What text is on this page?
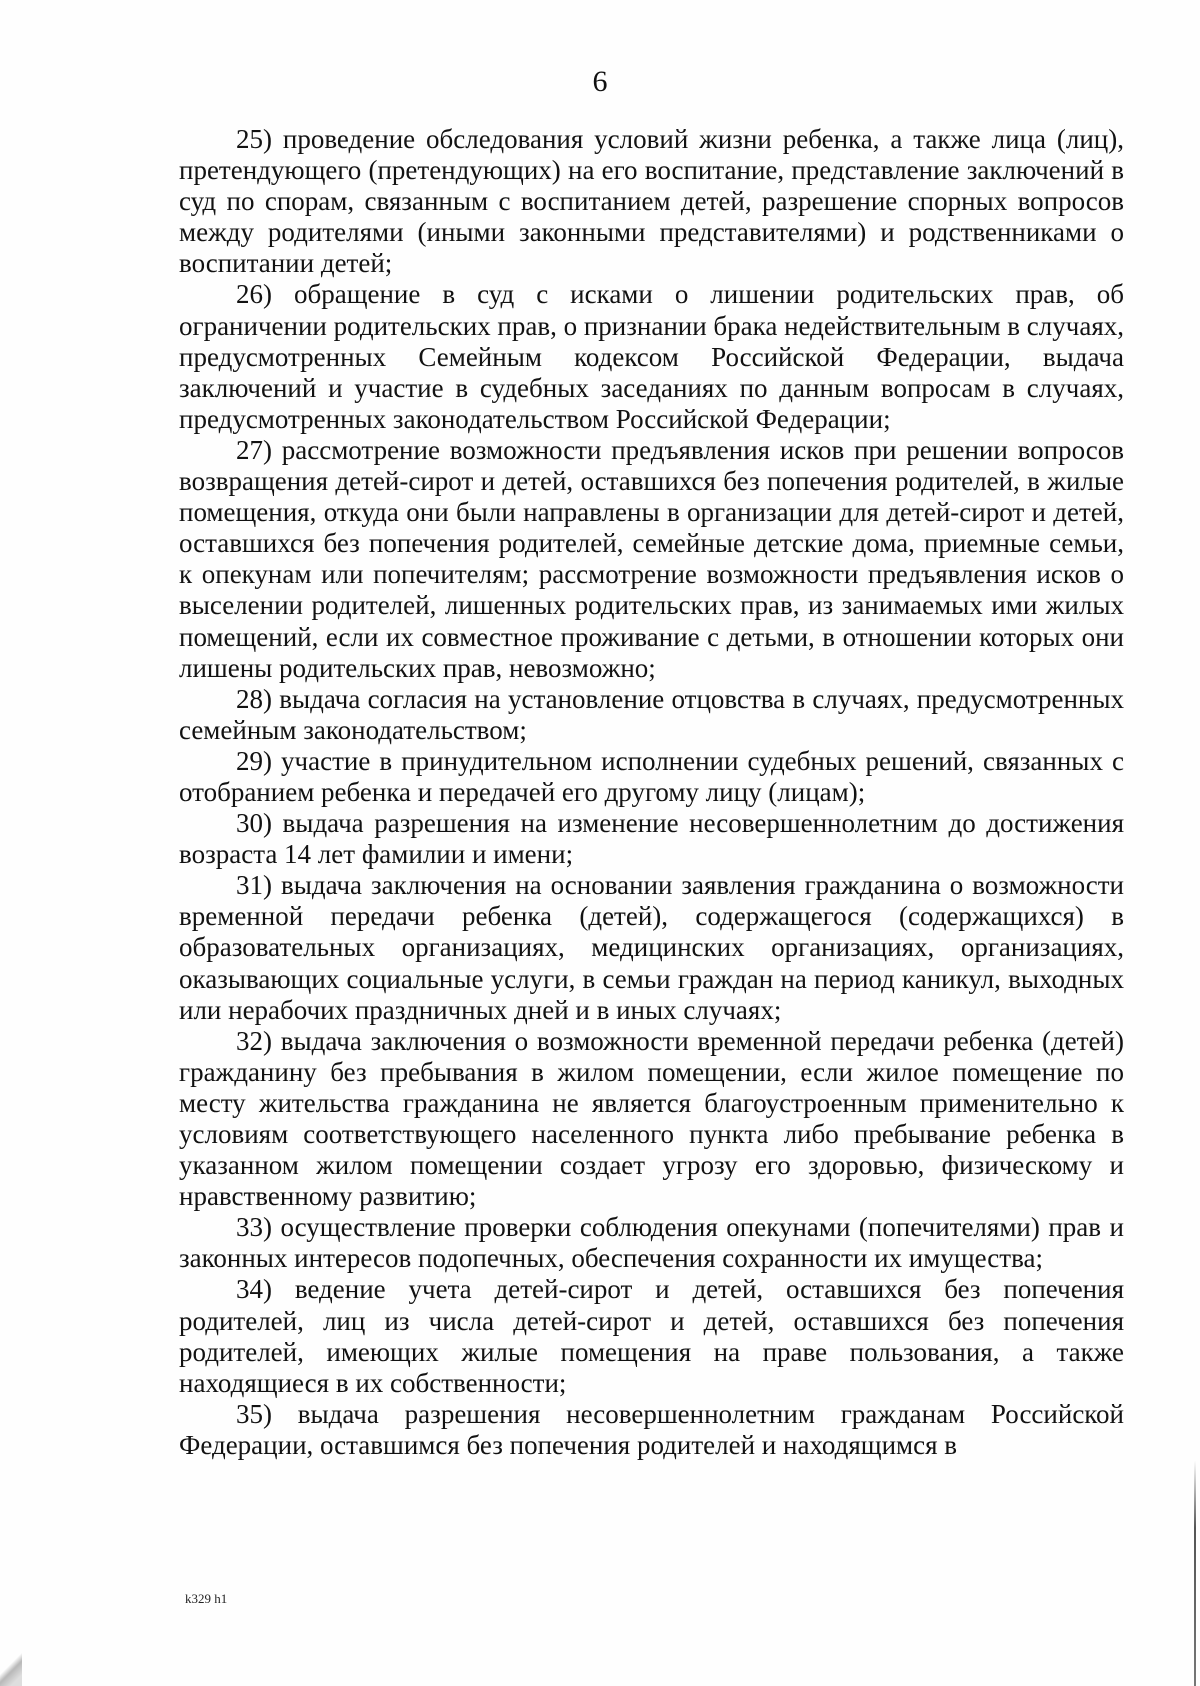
6

25) проведение обследования условий жизни ребенка, а также лица (лиц), претендующего (претендующих) на его воспитание, представление заключений в суд по спорам, связанным с воспитанием детей, разрешение спорных вопросов между родителями (иными законными представителями) и родственниками о воспитании детей;

26) обращение в суд с исками о лишении родительских прав, об ограничении родительских прав, о признании брака недействительным в случаях, предусмотренных Семейным кодексом Российской Федерации, выдача заключений и участие в судебных заседаниях по данным вопросам в случаях, предусмотренных законодательством Российской Федерации;

27) рассмотрение возможности предъявления исков при решении вопросов возвращения детей-сирот и детей, оставшихся без попечения родителей, в жилые помещения, откуда они были направлены в организации для детей-сирот и детей, оставшихся без попечения родителей, семейные детские дома, приемные семьи, к опекунам или попечителям; рассмотрение возможности предъявления исков о выселении родителей, лишенных родительских прав, из занимаемых ими жилых помещений, если их совместное проживание с детьми, в отношении которых они лишены родительских прав, невозможно;

28) выдача согласия на установление отцовства в случаях, предусмотренных семейным законодательством;

29) участие в принудительном исполнении судебных решений, связанных с отобранием ребенка и передачей его другому лицу (лицам);

30) выдача разрешения на изменение несовершеннолетним до достижения возраста 14 лет фамилии и имени;

31) выдача заключения на основании заявления гражданина о возможности временной передачи ребенка (детей), содержащегося (содержащихся) в образовательных организациях, медицинских организациях, организациях, оказывающих социальные услуги, в семьи граждан на период каникул, выходных или нерабочих праздничных дней и в иных случаях;

32) выдача заключения о возможности временной передачи ребенка (детей) гражданину без пребывания в жилом помещении, если жилое помещение по месту жительства гражданина не является благоустроенным применительно к условиям соответствующего населенного пункта либо пребывание ребенка в указанном жилом помещении создает угрозу его здоровью, физическому и нравственному развитию;

33) осуществление проверки соблюдения опекунами (попечителями) прав и законных интересов подопечных, обеспечения сохранности их имущества;

34) ведение учета детей-сирот и детей, оставшихся без попечения родителей, лиц из числа детей-сирот и детей, оставшихся без попечения родителей, имеющих жилые помещения на праве пользования, а также находящиеся в их собственности;

35) выдача разрешения несовершеннолетним гражданам Российской Федерации, оставшимся без попечения родителей и находящимся в

k329 h1
